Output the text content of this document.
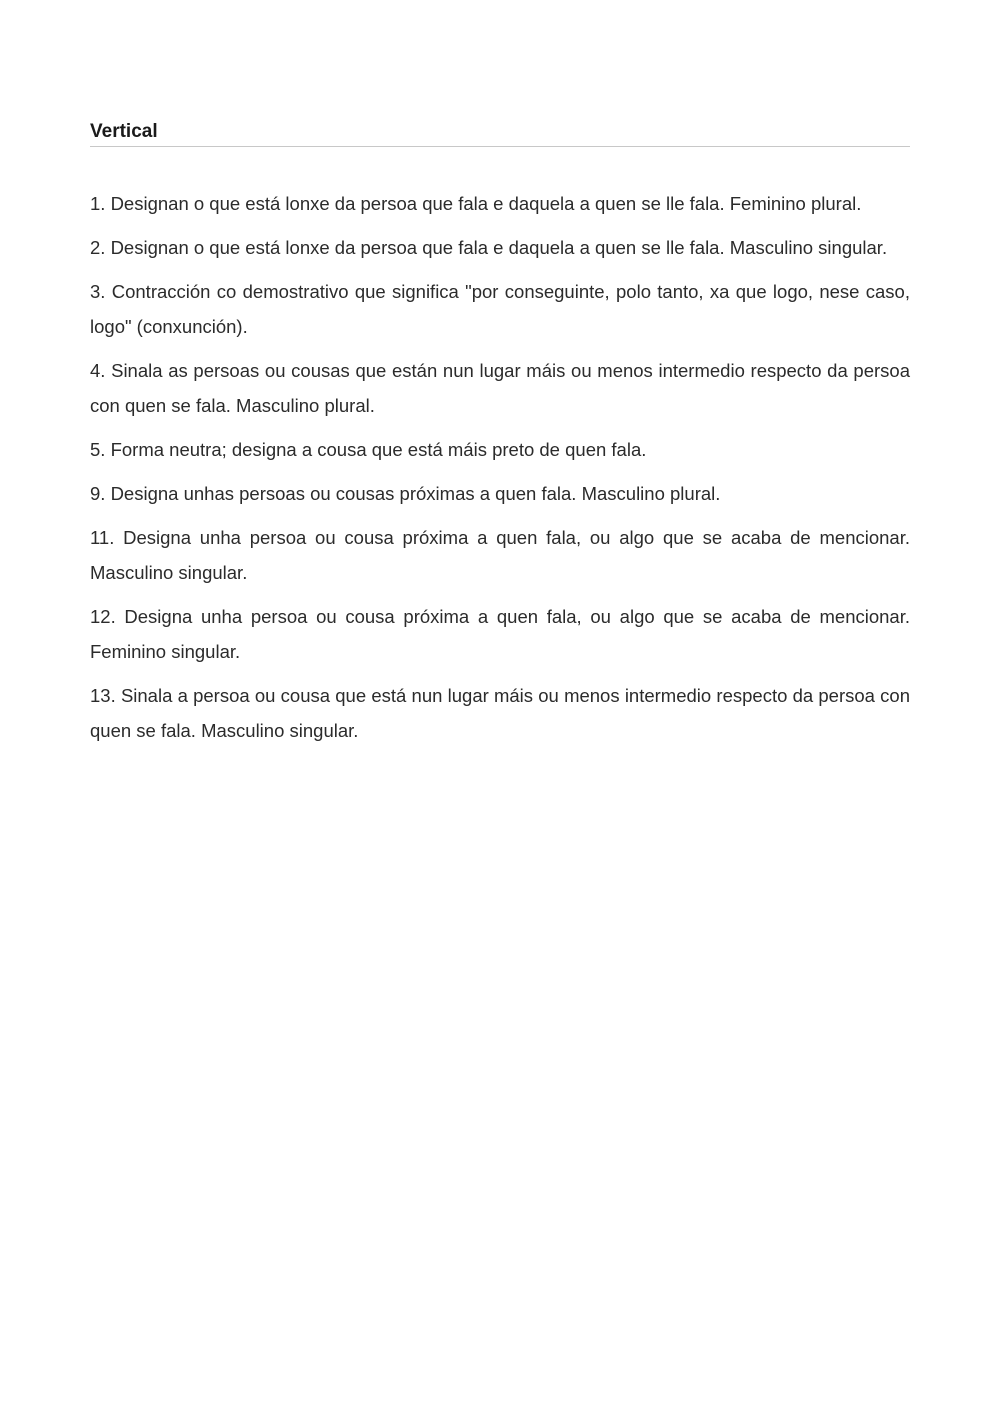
Vertical
1. Designan o que está lonxe da persoa que fala e daquela a quen se lle fala. Feminino plural.
2. Designan o que está lonxe da persoa que fala e daquela a quen se lle fala. Masculino singular.
3. Contracción co demostrativo que significa "por conseguinte, polo tanto, xa que logo, nese caso, logo" (conxunción).
4. Sinala as persoas ou cousas que están nun lugar máis ou menos intermedio respecto da persoa con quen se fala. Masculino plural.
5. Forma neutra; designa a cousa que está máis preto de quen fala.
9. Designa unhas persoas ou cousas próximas a quen fala. Masculino plural.
11. Designa unha persoa ou cousa próxima a quen fala, ou algo que se acaba de mencionar. Masculino singular.
12. Designa unha persoa ou cousa próxima a quen fala, ou algo que se acaba de mencionar. Feminino singular.
13. Sinala a persoa ou cousa que está nun lugar máis ou menos intermedio respecto da persoa con quen se fala. Masculino singular.
